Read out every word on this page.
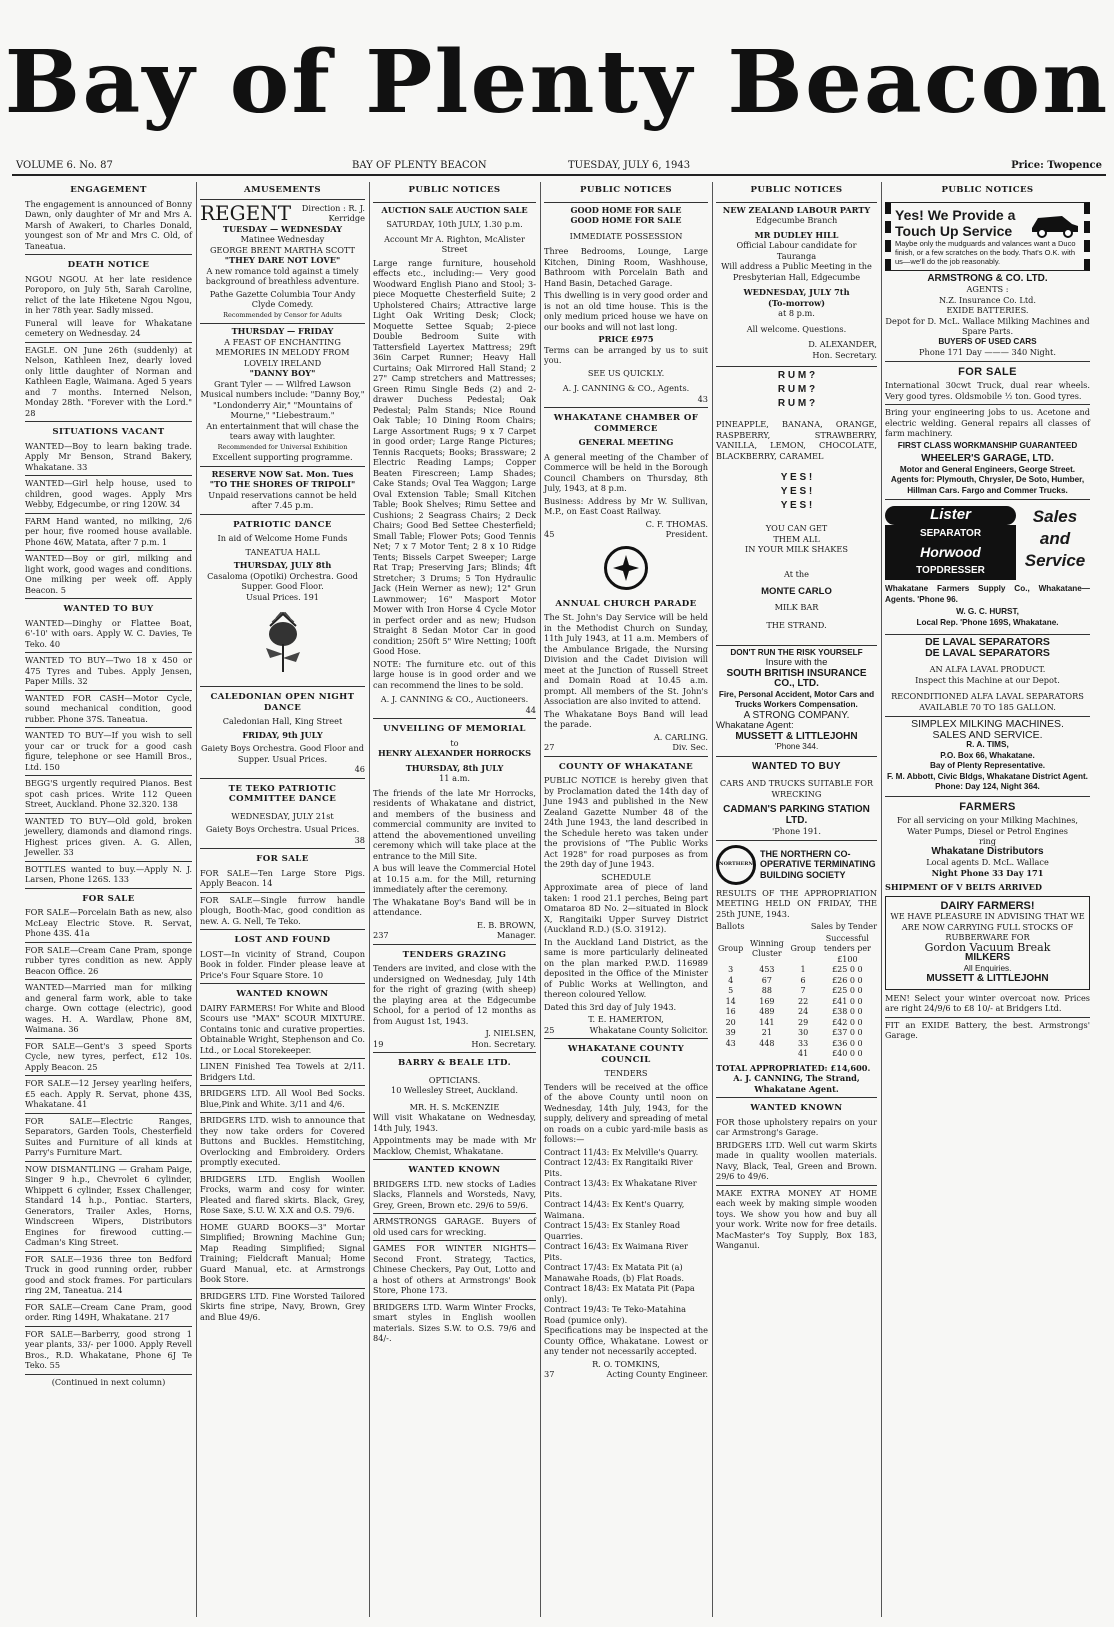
Bay of Plenty Beacon
VOLUME 6. No. 87	BAY OF PLENTY BEACON	TUESDAY, JULY 6, 1943	Price: Twopence
ENGAGEMENT
The engagement is announced of Bonny Dawn, only daughter of Mr and Mrs A. Marsh of Awakeri, to Charles Donald, youngest son of Mr and Mrs C. Old, of Taneatua.
DEATH NOTICE
NGOU NGOU. At her late residence Poroporo, on July 5th, Sarah Caroline, relict of the late Hiketene Ngou Ngou, in her 78th year. Sadly missed.
Funeral will leave for Whakatane cemetery on Wednesday. 24
EAGLE. ON June 26th (suddenly) at Nelson, Kathleen Inez, dearly loved only little daughter of Norman and Kathleen Eagle, Waimana. Aged 5 years and 7 months. Interned Nelson, Monday 28th. "Forever with the Lord." 28
SITUATIONS VACANT
WANTED—Boy to learn baking trade. Apply Mr Benson, Strand Bakery, Whakatane. 33
WANTED—Girl help house, used to children, good wages. Apply Mrs Webby, Edgecumbe, or ring 120W. 34
FARM Hand wanted, no milking, 2/6 per hour, five roomed house available. Phone 46W, Matata, after 7 p.m. 1
WANTED—Boy or girl, milking and light work, good wages and conditions. One milking per week off. Apply Beacon. 5
WANTED TO BUY
WANTED—Dinghy or Flattee Boat, 6'-10' with oars. Apply W. C. Davies, Te Teko. 40
WANTED TO BUY—Two 18 x 450 or 475 Tyres and Tubes. Apply Jensen, Paper Mills. 32
WANTED FOR CASH—Motor Cycle, sound mechanical condition, good rubber. Phone 37S. Taneatua.
WANTED TO BUY—If you wish to sell your car or truck for a good cash figure, telephone or see Hamill Bros., Ltd. 150
BEGG'S urgently required Pianos. Best spot cash prices. Write 112 Queen Street, Auckland. Phone 32.320. 138
WANTED TO BUY—Old gold, broken jewellery, diamonds and diamond rings. Highest prices given. A. G. Allen, Jeweller. 33
BOTTLES wanted to buy.—Apply N. J. Larsen, Phone 126S. 133
FOR SALE
FOR SALE—Porcelain Bath as new, also McLeay Electric Stove. R. Servat, Phone 43S. 41a
FOR SALE—Cream Cane Pram, sponge rubber tyres condition as new. Apply Beacon Office. 26
WANTED—Married man for milking and general farm work, able to take charge. Own cottage (electric), good wages. H. A. Wardlaw, Phone 8M, Waimana. 36
FOR SALE—Gent's 3 speed Sports Cycle, new tyres, perfect, £12 10s. Apply Beacon. 25
FOR SALE—12 Jersey yearling heifers, £5 each. Apply R. Servat, phone 43S, Whakatane. 41
FOR SALE—Electric Ranges, Separators, Garden Tools, Chesterfield Suites and Furniture of all kinds at Parry's Furniture Mart.
NOW DISMANTLING — Graham Paige, Singer 9 h.p., Chevrolet 6 cylinder, Whippett 6 cylinder, Essex Challenger, Standard 14 h.p., Pontiac. Starters, Generators, Trailer Axles, Horns, Windscreen Wipers, Distributors Engines for firewood cutting.—Cadman's King Street.
FOR SALE—1936 three ton Bedford Truck in good running order, rubber good and stock frames. For particulars ring 2M, Taneatua. 214
FOR SALE—Cream Cane Pram, good order. Ring 149H, Whakatane. 217
FOR SALE—Barberry, good strong 1 year plants, 33/- per 1000. Apply Revell Bros., R.D. Whakatane, Phone 6J Te Teko. 55
(Continued in next column)
AMUSEMENTS
REGENT	Direction : R. J. Kerridge
TUESDAY — WEDNESDAY
Matinee Wednesday
GEORGE BRENT MARTHA SCOTT
"THEY DARE NOT LOVE"
A new romance told against a timely background of breathless adventure.
Pathe Gazette Columbia Tour Andy Clyde Comedy.
Recommended by Censor for Adults
THURSDAY — FRIDAY
A FEAST OF ENCHANTING MEMORIES IN MELODY FROM LOVELY IRELAND
"DANNY BOY"
Grant Tyler — — Wilfred Lawson
Musical numbers include: "Danny Boy," "Londonderry Air," "Mountains of Mourne," "Liebestraum."
An entertainment that will chase the tears away with laughter.
Recommended for Universal Exhibition
Excellent supporting programme.
RESERVE NOW Sat. Mon. Tues
"TO THE SHORES OF TRIPOLI"
Unpaid reservations cannot be held after 7.45 p.m.
PATRIOTIC DANCE
In aid of Welcome Home Funds
TANEATUA HALL
THURSDAY, JULY 8th
Casaloma (Opotiki) Orchestra. Good Supper. Good Floor.
Usual Prices. 191
CALEDONIAN OPEN NIGHT DANCE
Caledonian Hall, King Street
FRIDAY, 9th JULY
Gaiety Boys Orchestra. Good Floor and Supper. Usual Prices.
46
TE TEKO PATRIOTIC COMMITTEE DANCE
WEDNESDAY, JULY 21st
Gaiety Boys Orchestra. Usual Prices.
38
FOR SALE
FOR SALE—Ten Large Store Pigs. Apply Beacon. 14
FOR SALE—Single furrow handle plough, Booth-Mac, good condition as new. A. G. Nell, Te Teko.
LOST AND FOUND
LOST—In vicinity of Strand, Coupon Book in folder. Finder please leave at Price's Four Square Store. 10
WANTED KNOWN
DAIRY FARMERS! For White and Blood Scours use "MAX" SCOUR MIXTURE. Contains tonic and curative properties. Obtainable Wright, Stephenson and Co. Ltd., or Local Storekeeper.
LINEN Finished Tea Towels at 2/11. Bridgers Ltd.
BRIDGERS LTD. All Wool Bed Socks. Blue,Pink and White. 3/11 and 4/6.
BRIDGERS LTD. wish to announce that they now take orders for Covered Buttons and Buckles. Hemstitching, Overlocking and Embroidery. Orders promptly executed.
BRIDGERS LTD. English Woollen Frocks, warm and cosy for winter. Pleated and flared skirts. Black, Grey, Rose Saxe, S.U. W. X.X and O.S. 79/6.
HOME GUARD BOOKS—3" Mortar Simplified; Browning Machine Gun; Map Reading Simplified; Signal Training; Fieldcraft Manual; Home Guard Manual, etc. at Armstrongs Book Store.
BRIDGERS LTD. Fine Worsted Tailored Skirts fine stripe, Navy, Brown, Grey and Blue 49/6.
PUBLIC NOTICES
AUCTION SALE AUCTION SALE
SATURDAY, 10th JULY, 1.30 p.m.
Account Mr A. Righton, McAlister Street
Large range furniture, household effects etc., including:— Very good Woodward English Piano and Stool; 3-piece Moquette Chesterfield Suite; 2 Upholstered Chairs; Attractive large Light Oak Writing Desk; Clock; Moquette Settee Squab; 2-piece Double Bedroom Suite with Tattersfield Layertex Mattress; 29ft 36in Carpet Runner; Heavy Hall Curtains; Oak Mirrored Hall Stand; 2 27" Camp stretchers and Mattresses; Green Rimu Single Beds (2) and 2-drawer Duchess Pedestal; Oak Pedestal; Palm Stands; Nice Round Oak Table; 10 Dining Room Chairs; Large Assortment Rugs; 9 x 7 Carpet in good order; Large Range Pictures; Tennis Racquets; Books; Brassware; 2 Electric Reading Lamps; Copper Beaten Firescreen; Lamp Shades; Cake Stands; Oval Tea Waggon; Large Oval Extension Table; Small Kitchen Table; Book Shelves; Rimu Settee and Cushions; 2 Seagrass Chairs; 2 Deck Chairs; Good Bed Settee Chesterfield; Small Table; Flower Pots; Good Tennis Net; 7 x 7 Motor Tent; 2 8 x 10 Ridge Tents; Bissels Carpet Sweeper; Large Rat Trap; Preserving Jars; Blinds; 4ft Stretcher; 3 Drums; 5 Ton Hydraulic Jack (Hein Werner as new); 12" Grun Lawnmower; 16" Masport Motor Mower with Iron Horse 4 Cycle Motor in perfect order and as new; Hudson Straight 8 Sedan Motor Car in good condition; 250ft 5" Wire Netting; 100ft Good Hose.
NOTE: The furniture etc. out of this large house is in good order and we can recommend the lines to be sold.
A. J. CANNING & CO., Auctioneers.
44
UNVEILING OF MEMORIAL
to
HENRY ALEXANDER HORROCKS
THURSDAY, 8th JULY
11 a.m.
The friends of the late Mr Horrocks, residents of Whakatane and district, and members of the business and commercial community are invited to attend the abovementioned unveiling ceremony which will take place at the entrance to the Mill Site.
A bus will leave the Commercial Hotel at 10.15 a.m. for the Mill, returning immediately after the ceremony.
The Whakatane Boy's Band will be in attendance.
E. B. BROWN,
237	Manager.
TENDERS GRAZING
Tenders are invited, and close with the undersigned on Wednesday, July 14th for the right of grazing (with sheep) the playing area at the Edgecumbe School, for a period of 12 months as from August 1st, 1943.
J. NIELSEN,
19	Hon. Secretary.
BARRY & BEALE LTD.
OPTICIANS.
10 Wellesley Street, Auckland.
MR. H. S. McKENZIE
Will visit Whakatane on Wednesday, 14th July, 1943.
Appointments may be made with Mr Macklow, Chemist, Whakatane.
WANTED KNOWN
BRIDGERS LTD. new stocks of Ladies Slacks, Flannels and Worsteds, Navy, Grey, Green, Brown etc. 29/6 to 59/6.
ARMSTRONGS GARAGE. Buyers of old used cars for wrecking.
GAMES FOR WINTER NIGHTS—Second Front. Strategy, Tactics, Chinese Checkers, Pay Out, Lotto and a host of others at Armstrongs' Book Store, Phone 173.
BRIDGERS LTD. Warm Winter Frocks, smart styles in English woollen materials. Sizes S.W. to O.S. 79/6 and 84/-.
PUBLIC NOTICES
GOOD HOME FOR SALE
GOOD HOME FOR SALE
IMMEDIATE POSSESSION
Three Bedrooms, Lounge, Large Kitchen, Dining Room, Washhouse, Bathroom with Porcelain Bath and Hand Basin, Detached Garage.
This dwelling is in very good order and is not an old time house. This is the only medium priced house we have on our books and will not last long.
PRICE £975
Terms can be arranged by us to suit you.
SEE US QUICKLY.
A. J. CANNING & CO., Agents.
43
WHAKATANE CHAMBER OF COMMERCE
GENERAL MEETING
A general meeting of the Chamber of Commerce will be held in the Borough Council Chambers on Thursday, 8th July, 1943, at 8 p.m.
Business: Address by Mr W. Sullivan, M.P., on East Coast Railway.
C. F. THOMAS.
45	President.
ANNUAL CHURCH PARADE
The St. John's Day Service will be held in the Methodist Church on Sunday, 11th July 1943, at 11 a.m. Members of the Ambulance Brigade, the Nursing Division and the Cadet Division will meet at the Junction of Russell Street and Domain Road at 10.45 a.m. prompt. All members of the St. John's Association are also invited to attend.
The Whakatane Boys Band will lead the parade.
A. CARLING.
27	Div. Sec.
COUNTY OF WHAKATANE
PUBLIC NOTICE is hereby given that by Proclamation dated the 14th day of June 1943 and published in the New Zealand Gazette Number 48 of the 24th June 1943, the land described in the Schedule hereto was taken under the provisions of "The Public Works Act 1928" for road purposes as from the 29th day of June 1943.
SCHEDULE
Approximate area of piece of land taken: 1 rood 21.1 perches, Being part Omataroa 8D No. 2—situated in Block X, Rangitaiki Upper Survey District (Auckland R.D.) (S.O. 31912).
In the Auckland Land District, as the same is more particularly delineated on the plan marked P.W.D. 116989 deposited in the Office of the Minister of Public Works at Wellington, and thereon coloured Yellow.
Dated this 3rd day of July 1943.
T. E. HAMERTON,
25	Whakatane County Solicitor.
WHAKATANE COUNTY COUNCIL
TENDERS
Tenders will be received at the office of the above County until noon on Wednesday, 14th July, 1943, for the supply, delivery and spreading of metal on roads on a cubic yard-mile basis as follows:—
Contract 11/43: Ex Melville's Quarry.
Contract 12/43: Ex Rangitaiki River Pits.
Contract 13/43: Ex Whakatane River Pits.
Contract 14/43: Ex Kent's Quarry, Waimana.
Contract 15/43: Ex Stanley Road Quarries.
Contract 16/43: Ex Waimana River Pits.
Contract 17/43: Ex Matata Pit (a) Manawahe Roads, (b) Flat Roads.
Contract 18/43: Ex Matata Pit (Papa only).
Contract 19/43: Te Teko-Matahina Road (pumice only).
Specifications may be inspected at the County Office, Whakatane. Lowest or any tender not necessarily accepted.
R. O. TOMKINS,
37	Acting County Engineer.
PUBLIC NOTICES
NEW ZEALAND LABOUR PARTY
Edgecumbe Branch
MR DUDLEY HILL
Official Labour candidate for Tauranga
Will address a Public Meeting in the Presbyterian Hall, Edgecumbe
WEDNESDAY, JULY 7th
(To-morrow)
at 8 p.m.
All welcome. Questions.
D. ALEXANDER,
Hon. Secretary.
R U M ?
R U M ?
R U M ?
PINEAPPLE, BANANA, ORANGE, RASPBERRY, STRAWBERRY, VANILLA, LEMON, CHOCOLATE, BLACKBERRY, CARAMEL
Y E S !
Y E S !
Y E S !
YOU CAN GET
THEM ALL
IN YOUR MILK SHAKES
At the
MONTE CARLO
MILK BAR
THE STRAND.
DON'T RUN THE RISK YOURSELF
Insure with the
SOUTH BRITISH INSURANCE CO., LTD.
Fire, Personal Accident, Motor Cars and Trucks Workers Compensation.
A STRONG COMPANY.
Whakatane Agent:
MUSSETT & LITTLEJOHN
'Phone 344.
WANTED TO BUY
CARS AND TRUCKS SUITABLE FOR WRECKING
CADMAN'S PARKING STATION LTD.
'Phone 191.
NORTHERN
THE NORTHERN CO-OPERATIVE TERMINATING BUILDING SOCIETY
RESULTS OF THE APPROPRIATION MEETING HELD ON FRIDAY, THE 25th JUNE, 1943.
Ballots	Sales by Tender
Group	Winning Cluster	Group	Successful tenders per £100
3	453	1	£25 0 0
4	67	6	£26 0 0
5	88	7	£25 0 0
14	169	22	£41 0 0
16	489	24	£38 0 0
20	141	29	£42 0 0
39	21	30	£37 0 0
43	448	33	£36 0 0
		41	£40 0 0
TOTAL APPROPRIATED: £14,600.
A. J. CANNING, The Strand, Whakatane Agent.
WANTED KNOWN
FOR those upholstery repairs on your car Armstrong's Garage.
BRIDGERS LTD. Well cut warm Skirts made in quality woollen materials. Navy, Black, Teal, Green and Brown. 29/6 to 49/6.
MAKE EXTRA MONEY AT HOME each week by making simple wooden toys. We show you how and buy all your work. Write now for free details. MacMaster's Toy Supply, Box 183, Wanganui.
PUBLIC NOTICES
Yes! We Provide a Touch Up Service
Maybe only the mudguards and valances want a Duco finish, or a few scratches on the body. That's O.K. with us—we'll do the job reasonably.
ARMSTRONG & CO. LTD.
AGENTS :
N.Z. Insurance Co. Ltd.
EXIDE BATTERIES.
Depot for D. McL. Wallace Milking Machines and Spare Parts.
BUYERS OF USED CARS
Phone 171 Day ——— 340 Night.
FOR SALE
International 30cwt Truck, dual rear wheels. Very good tyres. Oldsmobile ½ ton. Good tyres.
Bring your engineering jobs to us. Acetone and electric welding. General repairs all classes of farm machinery.
FIRST CLASS WORKMANSHIP GUARANTEED
WHEELER'S GARAGE, LTD.
Motor and General Engineers, George Street.
Agents for: Plymouth, Chrysler, De Soto, Humber, Hillman Cars. Fargo and Commer Trucks.
Lister
SEPARATOR
Horwood
TOPDRESSER
Sales and Service
Whakatane Farmers Supply Co., Whakatane—Agents. 'Phone 96.
W. G. C. HURST,
Local Rep. 'Phone 169S, Whakatane.
DE LAVAL SEPARATORS
DE LAVAL SEPARATORS
AN ALFA LAVAL PRODUCT.
Inspect this Machine at our Depot.
RECONDITIONED ALFA LAVAL SEPARATORS AVAILABLE 70 TO 185 GALLON.
SIMPLEX MILKING MACHINES.
SALES AND SERVICE.
R. A. TIMS,
P.O. Box 66, Whakatane.
Bay of Plenty Representative.
F. M. Abbott, Civic Bldgs, Whakatane District Agent.
Phone: Day 124, Night 364.
FARMERS
For all servicing on your Milking Machines, Water Pumps, Diesel or Petrol Engines
ring
Whakatane Distributors
Local agents D. McL. Wallace
Night Phone 33 Day 171
SHIPMENT OF V BELTS ARRIVED
DAIRY FARMERS!
WE HAVE PLEASURE IN ADVISING THAT WE ARE NOW CARRYING FULL STOCKS OF RUBBERWARE FOR
Gordon Vacuum Break
MILKERS
All Enquiries.
MUSSETT & LITTLEJOHN
MEN! Select your winter overcoat now. Prices are right 24/9/6 to £8 10/- at Bridgers Ltd.
FIT an EXIDE Battery, the best. Armstrongs' Garage.
